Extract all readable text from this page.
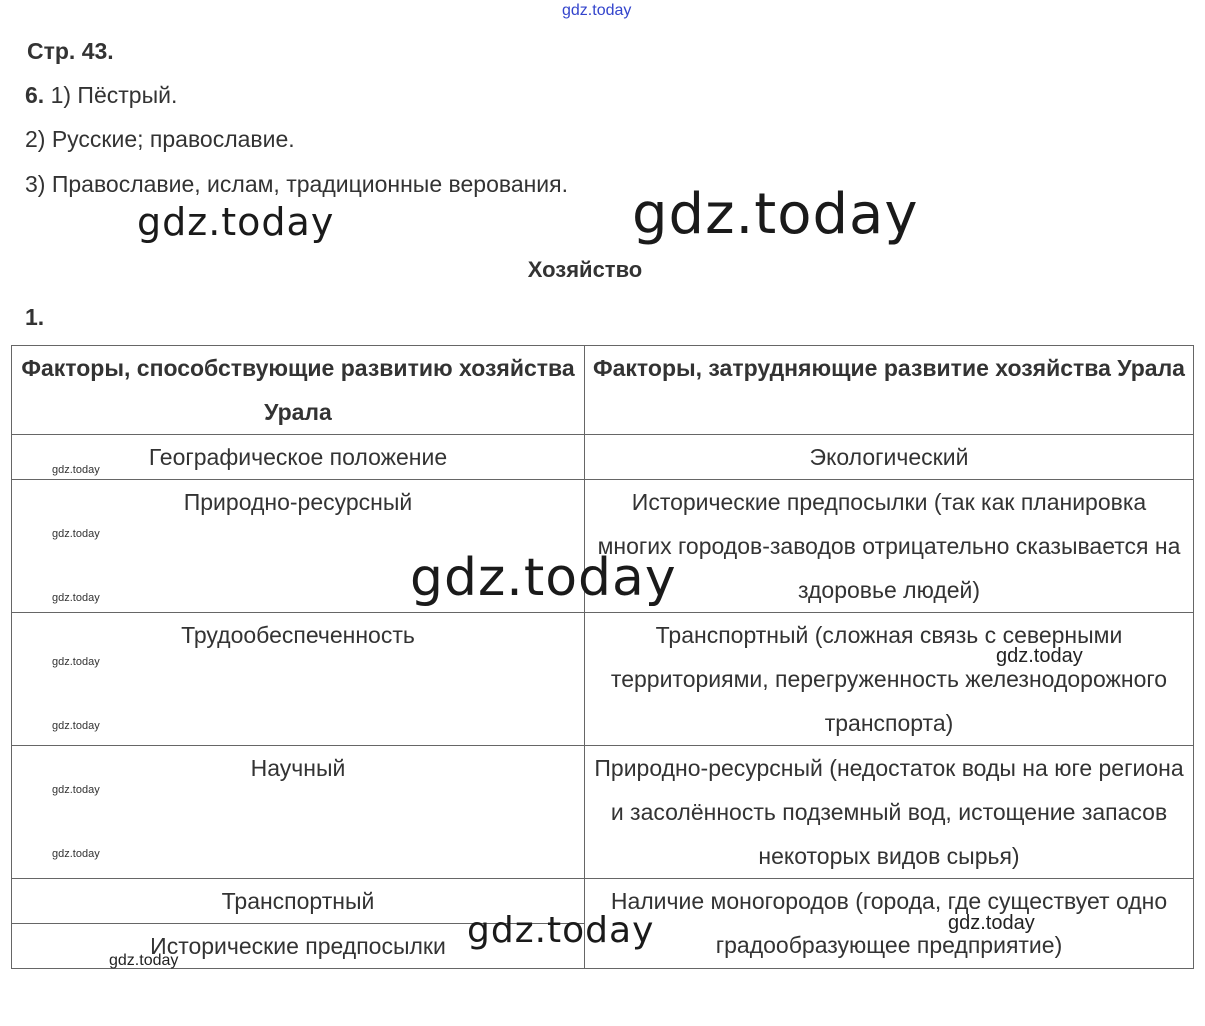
gdz.today
Стр. 43.
6. 1) Пёстрый.
2) Русские; православие.
3) Православие, ислам, традиционные верования.
gdz.today	gdz.today
Хозяйство
1.
Факторы, способствующие развитию хозяйства Урала	Факторы, затрудняющие развитие хозяйства Урала

Географическое положение	Экологический
Природно-ресурсный	Исторические предпосылки (так как планировка многих городов-заводов отрицательно сказывается на здоровье людей)
Трудообеспеченность	Транспортный (сложная связь с северными территориями, перегруженность железнодорожного транспорта)
Научный	Природно-ресурсный (недостаток воды на юге региона и засолённость подземный вод, истощение запасов некоторых видов сырья)
Транспортный	Наличие моногородов (города, где существует одно градообразующее предприятие)
Исторические предпосылки	
gdz.today
gdz.today
gdz.today
gdz.today
gdz.today
gdz.today
gdz.today
gdz.today
gdz.today
gdz.today
gdz.today
gdz.today
